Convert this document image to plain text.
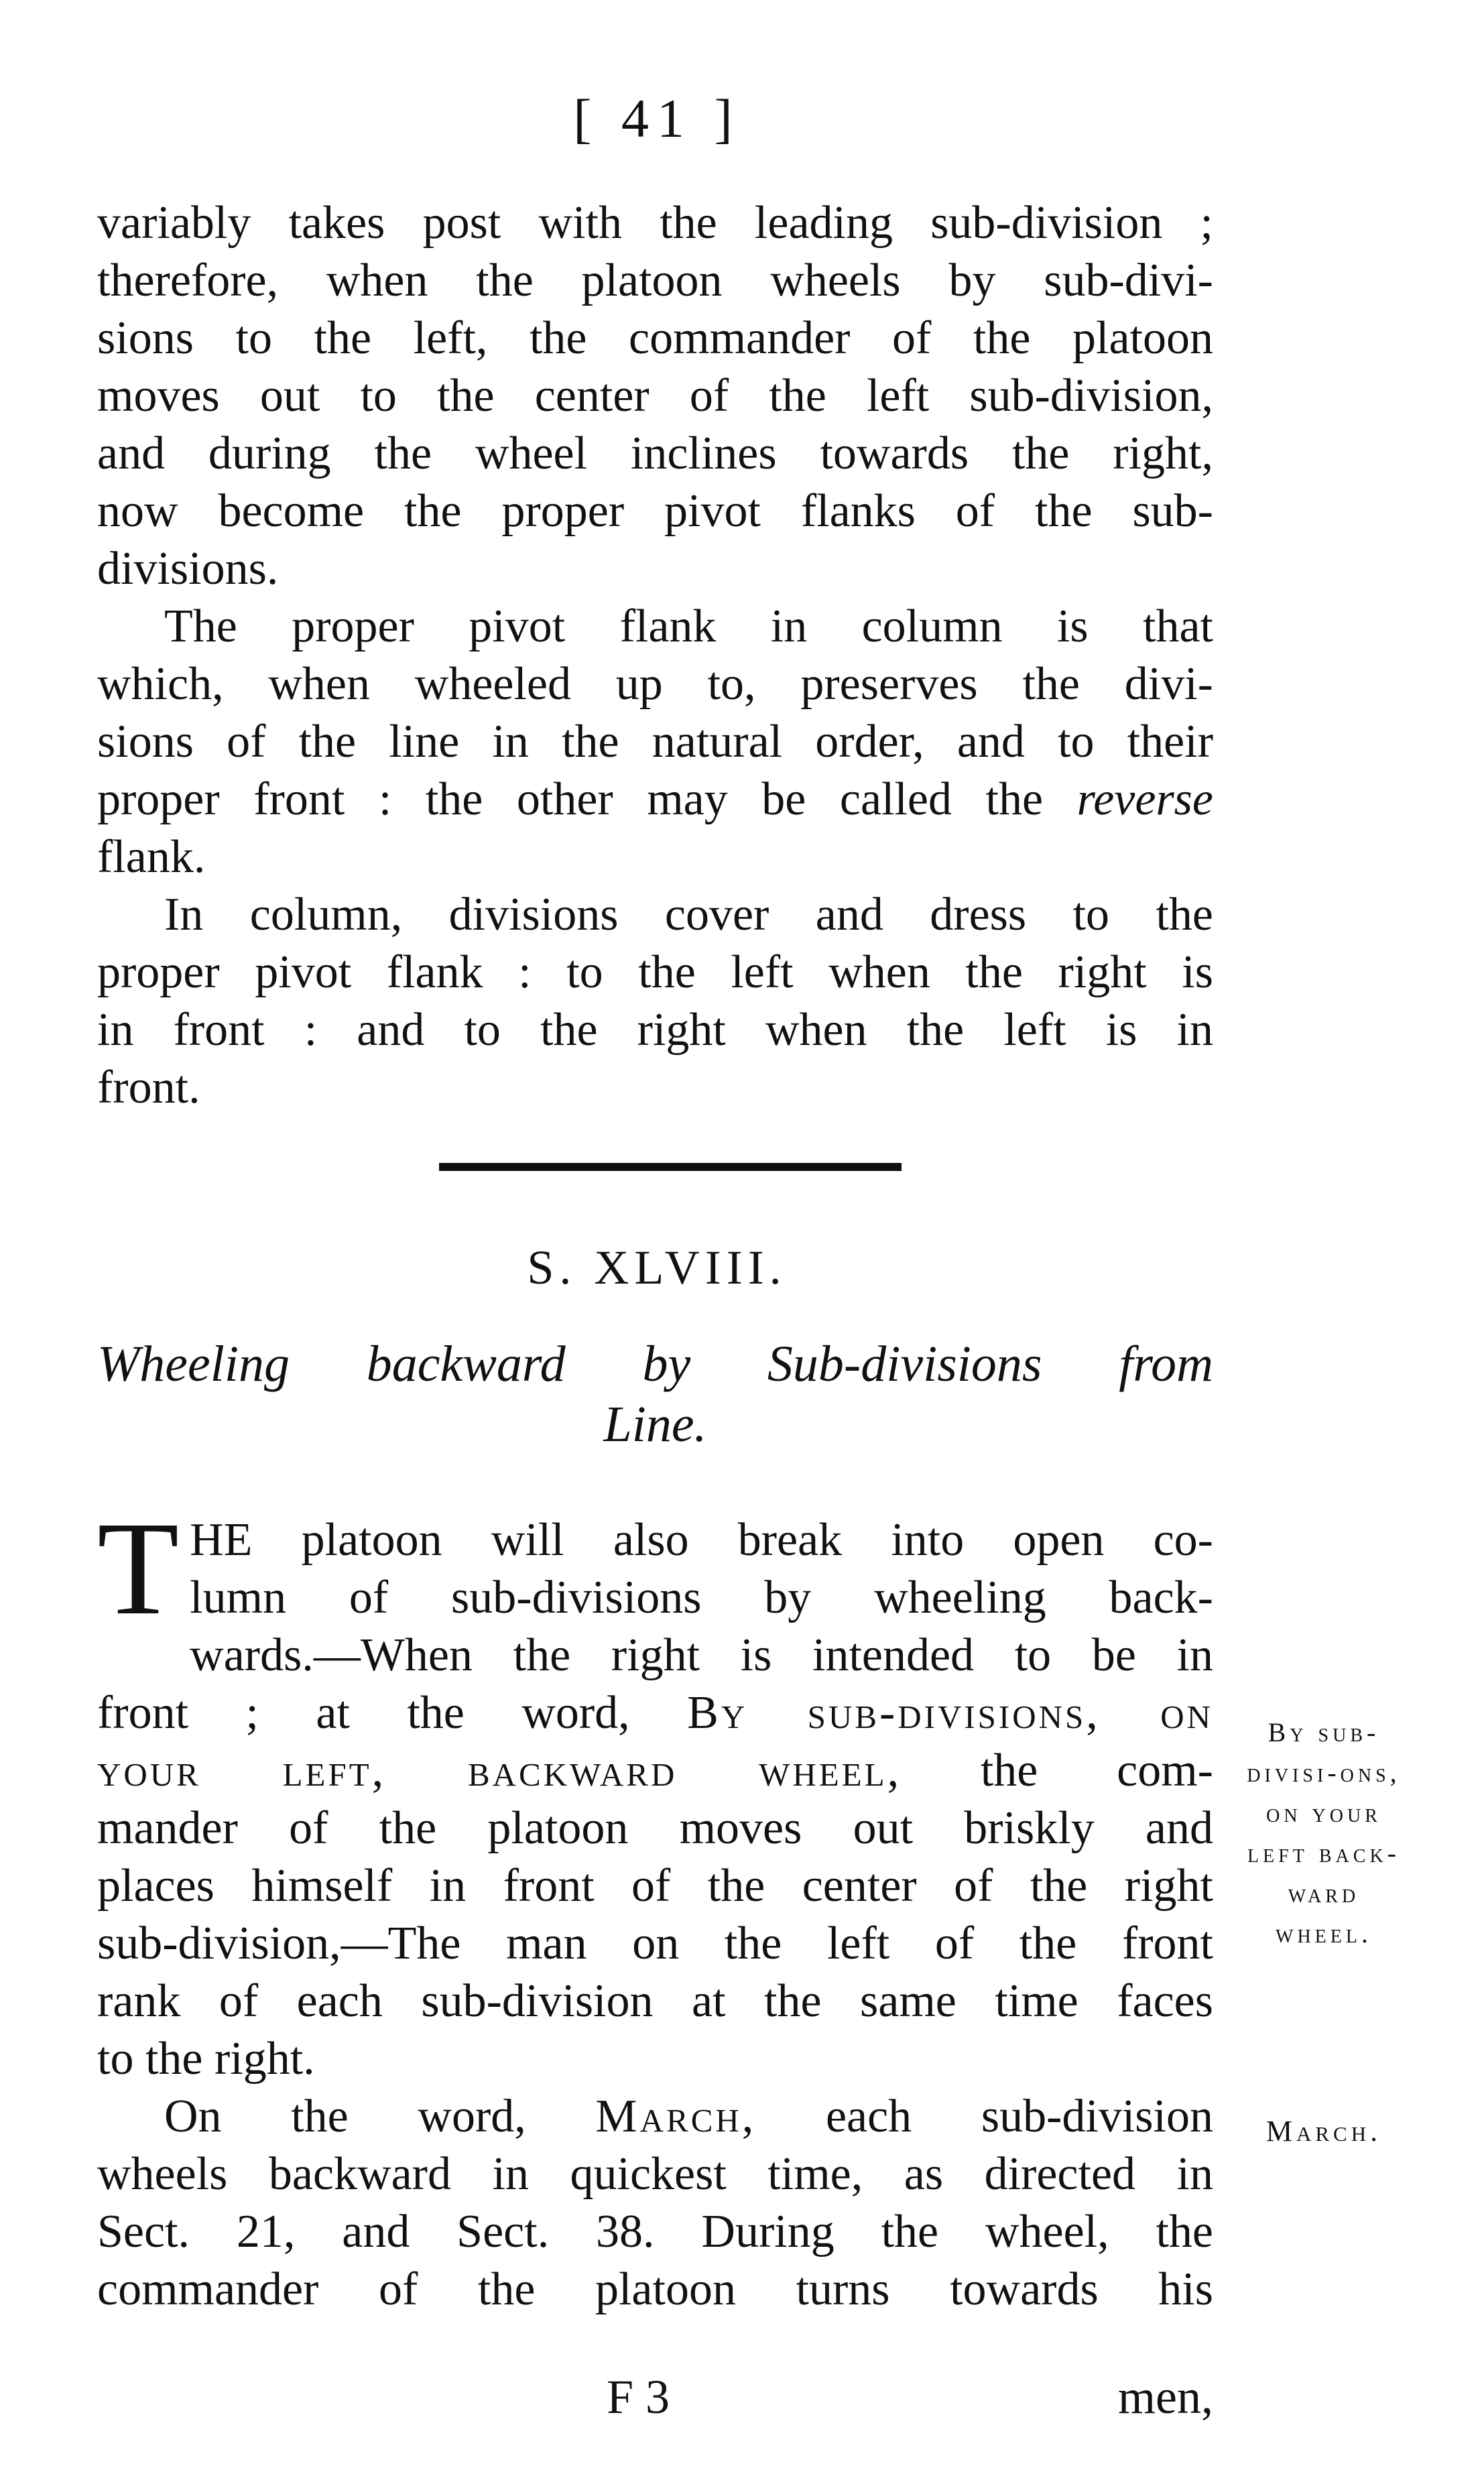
[ 41 ]
variably takes post with the leading sub-division ;
therefore, when the platoon wheels by sub-divi-
sions to the left, the commander of the platoon
moves out to the center of the left sub-division,
and during the wheel inclines towards the right,
now become the proper pivot flanks of the sub-
divisions.
The proper pivot flank in column is that
which, when wheeled up to, preserves the divi-
sions of the line in the natural order, and to their
proper front : the other may be called the reverse
flank.
In column, divisions cover and dress to the
proper pivot flank : to the left when the right is
in front : and to the right when the left is in
front.
S. XLVIII.
Wheeling backward by Sub-divisions from
Line.
T HE platoon will also break into open co-
lumn of sub-divisions by wheeling back-
wards.—When the right is intended to be in
front ; at the word, By sub-divisions, on
your left, backward wheel, the com-
mander of the platoon moves out briskly and
places himself in front of the center of the right
sub-division,—The man on the left of the front
rank of each sub-division at the same time faces
to the right.
On the word, March, each sub-division
wheels backward in quickest time, as directed in
Sect. 21, and Sect. 38. During the wheel, the
commander of the platoon turns towards his
By sub-divisi-ons, on your left back-ward wheel.
March.
F 3	men,
